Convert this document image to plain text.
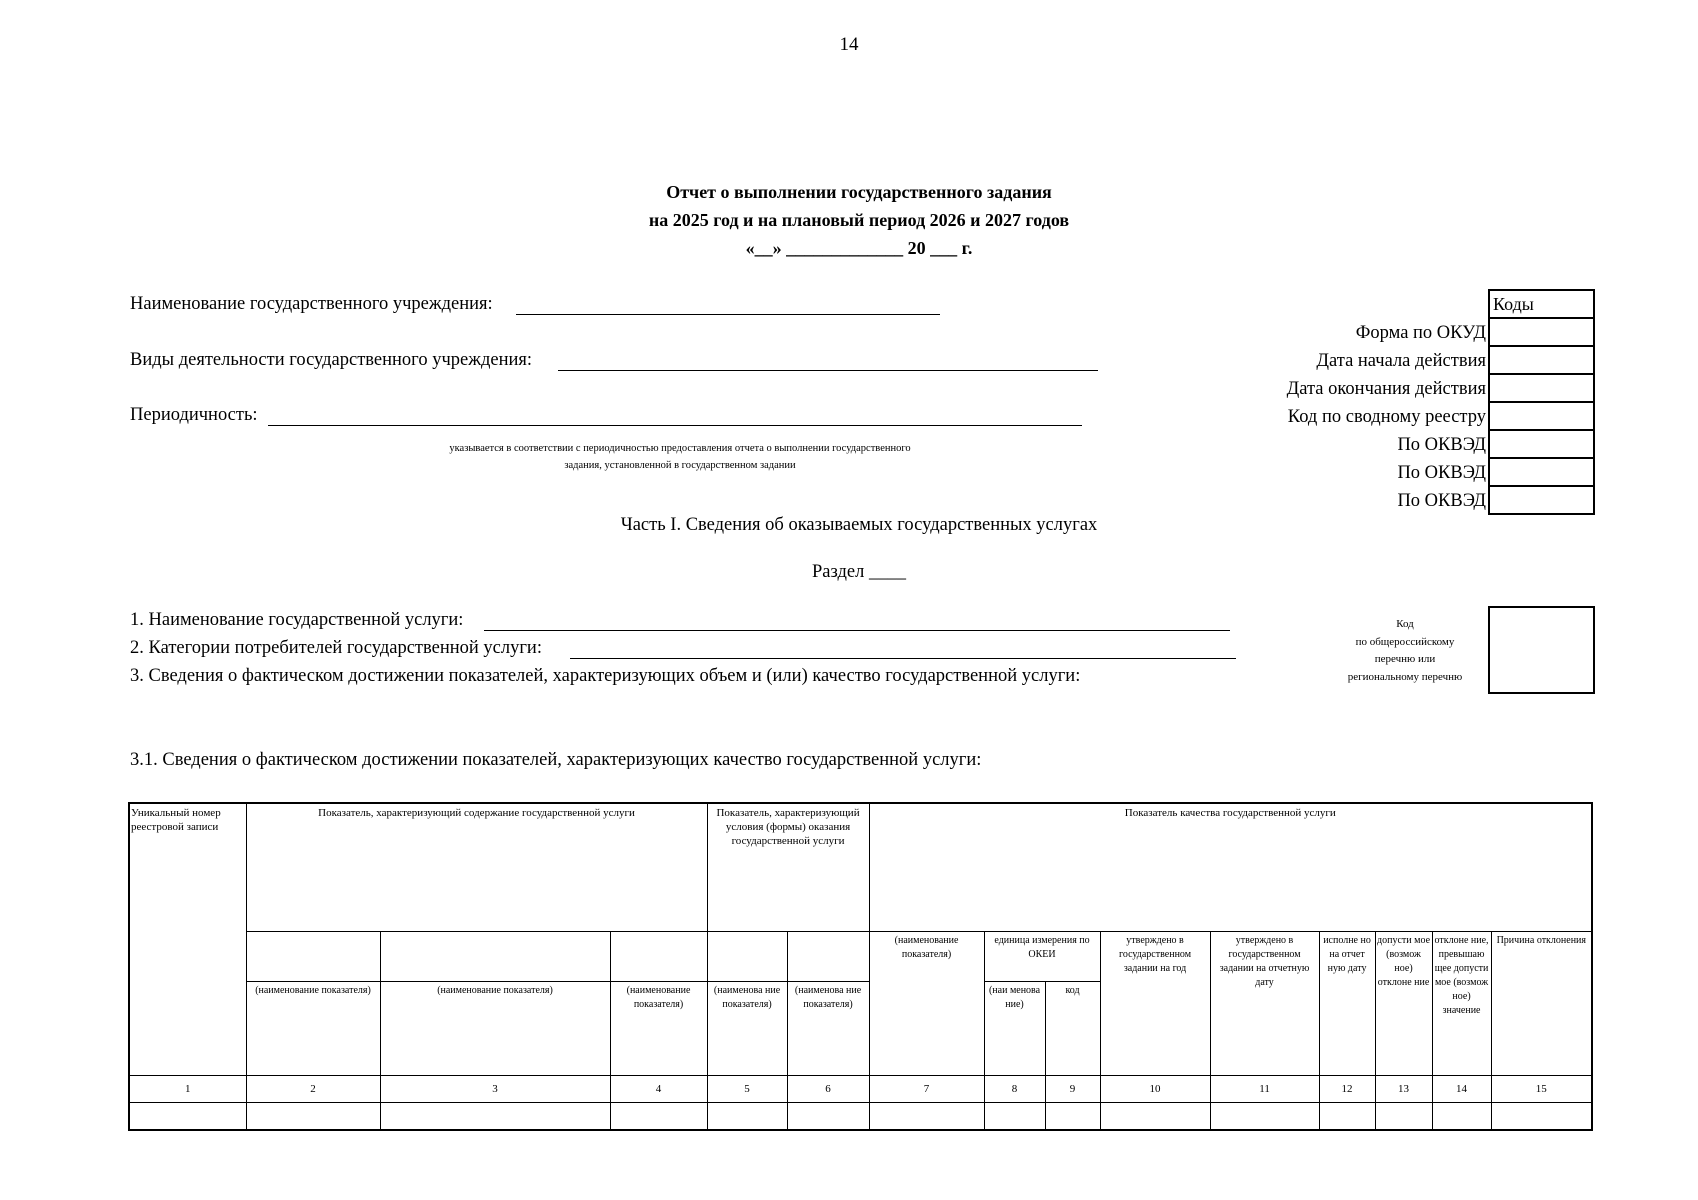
14
Отчет о выполнении государственного задания
на 2025 год и на плановый период 2026 и 2027 годов
«__» _____________ 20 ___ г.
Наименование государственного учреждения:
Виды деятельности государственного учреждения:
Периодичность:
указывается в соответствии с периодичностью предоставления отчета о выполнении государственного
задания, установленной в государственном задании
Коды
Форма по ОКУД
Дата начала действия
Дата окончания действия
Код по сводному реестру
По ОКВЭД
По ОКВЭД
По ОКВЭД
Часть I. Сведения об оказываемых государственных услугах
Раздел ____
1. Наименование государственной услуги:
2. Категории потребителей государственной услуги:
3. Сведения о фактическом достижении показателей, характеризующих объем и (или) качество государственной услуги:
Код
по общероссийскому
перечню или
региональному перечню
3.1. Сведения о фактическом достижении показателей, характеризующих качество государственной услуги:
Уникальный номер реестровой записи	Показатель, характеризующий содержание государственной услуги			Показатель, характеризующий условия (формы) оказания государственной услуги		Показатель качества государственной услуги								
						(наименование показателя)	единица измерения по ОКЕИ		утверждено в государственном задании на год	утверждено в государственном задании на отчетную дату	исполне но на отчет ную дату	допусти мое (возмож ное) отклоне ние	отклоне ние, превышаю щее допусти мое (возмож ное) значение	Причина отклонения
	(наименование показателя)	(наименование показателя)	(наименование показателя)	(наименова ние показателя)	(наименова ние показателя)		(наи менова ние)	код						
1	2	3	4	5	6	7	8	9	10	11	12	13	14	15
